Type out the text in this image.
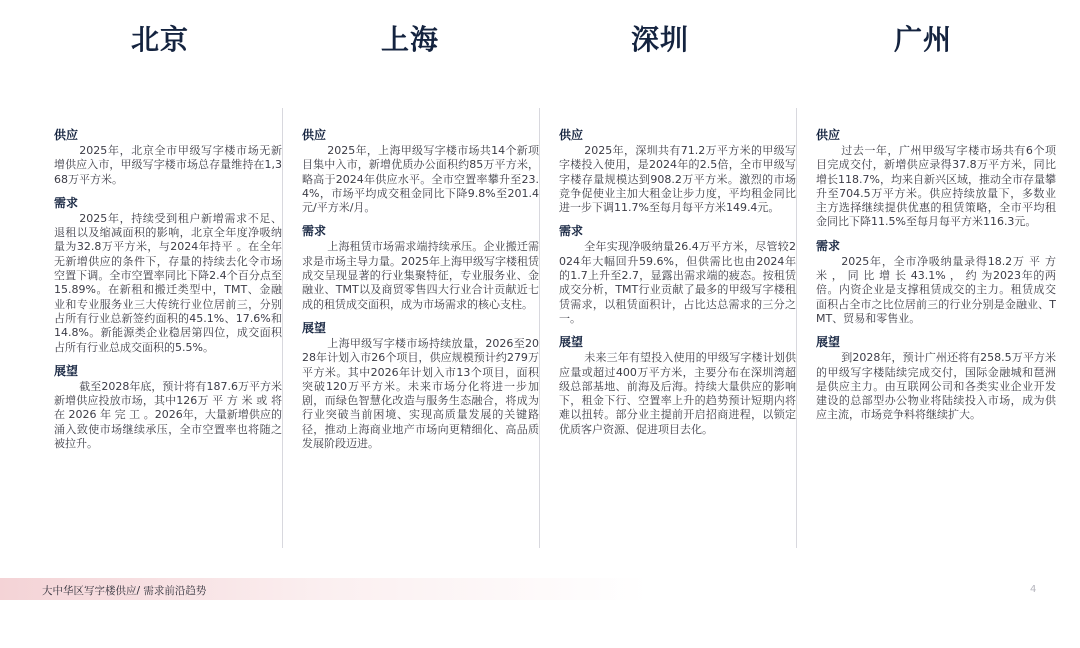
北京	上海	深圳	广州
供应
2025年，北京全市甲级写字楼市场无新增供应入市，甲级写字楼市场总存量维持在1,368万平方米。
需求
2025年，持续受到租户新增需求不足、退租以及缩减面积的影响，北京全年度净吸纳量为32.8万平方米，与2024年持平 。在全年无新增供应的条件下，存量的持续去化令市场空置下调。全市空置率同比下降2.4个百分点至15.89%。在新租和搬迁类型中，TMT、金融业和专业服务业三大传统行业位居前三，分别占所有行业总新签约面积的45.1%、17.6%和14.8%。新能源类企业稳居第四位，成交面积占所有行业总成交面积的5.5%。
展望
截至2028年底，预计将有187.6万平方米新增供应投放市场，其中126万 平 方 米 或 将 在 2026 年 完 工 。2026年，大量新增供应的涌入致使市场继续承压，全市空置率也将随之被拉升。
供应
2025年，上海甲级写字楼市场共14个新项目集中入市，新增优质办公面积约85万平方米，略高于2024年供应水平。全市空置率攀升至23.4%，市场平均成交租金同比下降9.8%至201.4元/平方米/月。
需求
上海租赁市场需求端持续承压。企业搬迁需求是市场主导力量。2025年上海甲级写字楼租赁成交呈现显著的行业集聚特征，专业服务业、金融业、TMT以及商贸零售四大行业合计贡献近七成的租赁成交面积，成为市场需求的核心支柱。
展望
上海甲级写字楼市场持续放量，2026至2028年计划入市26个项目，供应规模预计约279万平方米。其中2026年计划入市13个项目，面积突破120万平方米。未来市场分化将进一步加剧，而绿色智慧化改造与服务生态融合，将成为行业突破当前困境、实现高质量发展的关键路径，推动上海商业地产市场向更精细化、高品质发展阶段迈进。
供应
2025年，深圳共有71.2万平方米的甲级写字楼投入使用，是2024年的2.5倍，全市甲级写字楼存量规模达到908.2万平方米。激烈的市场竞争促使业主加大租金让步力度，平均租金同比进一步下调11.7%至每月每平方米149.4元。
需求
全年实现净吸纳量26.4万平方米，尽管较2024年大幅回升59.6%，但供需比也由2024年的1.7上升至2.7，显露出需求端的疲态。按租赁成交分析，TMT行业贡献了最多的甲级写字楼租赁需求，以租赁面积计，占比达总需求的三分之一。
展望
未来三年有望投入使用的甲级写字楼计划供应量或超过400万平方米，主要分布在深圳湾超级总部基地、前海及后海。持续大量供应的影响下，租金下行、空置率上升的趋势预计短期内将难以扭转。部分业主提前开启招商进程，以锁定优质客户资源、促进项目去化。
供应
过去一年，广州甲级写字楼市场共有6个项目完成交付，新增供应录得37.8万平方米，同比增长118.7%，均来自新兴区域，推动全市存量攀升至704.5万平方米。供应持续放量下，多数业主方选择继续提供优惠的租赁策略，全市平均租金同比下降11.5%至每月每平方米116.3元。
需求
2025年，全市净吸纳量录得18.2万 平 方 米 ， 同 比 增 长 43.1% ， 约 为2023年的两倍。内资企业是支撑租赁成交的主力。租赁成交面积占全市之比位居前三的行业分别是金融业、TMT、贸易和零售业。
展望
到2028年，预计广州还将有258.5万平方米的甲级写字楼陆续完成交付，国际金融城和琶洲是供应主力。由互联网公司和各类实业企业开发建设的总部型办公物业将陆续投入市场，成为供应主流，市场竞争料将继续扩大。
大中华区写字楼供应/ 需求前沿趋势	4
